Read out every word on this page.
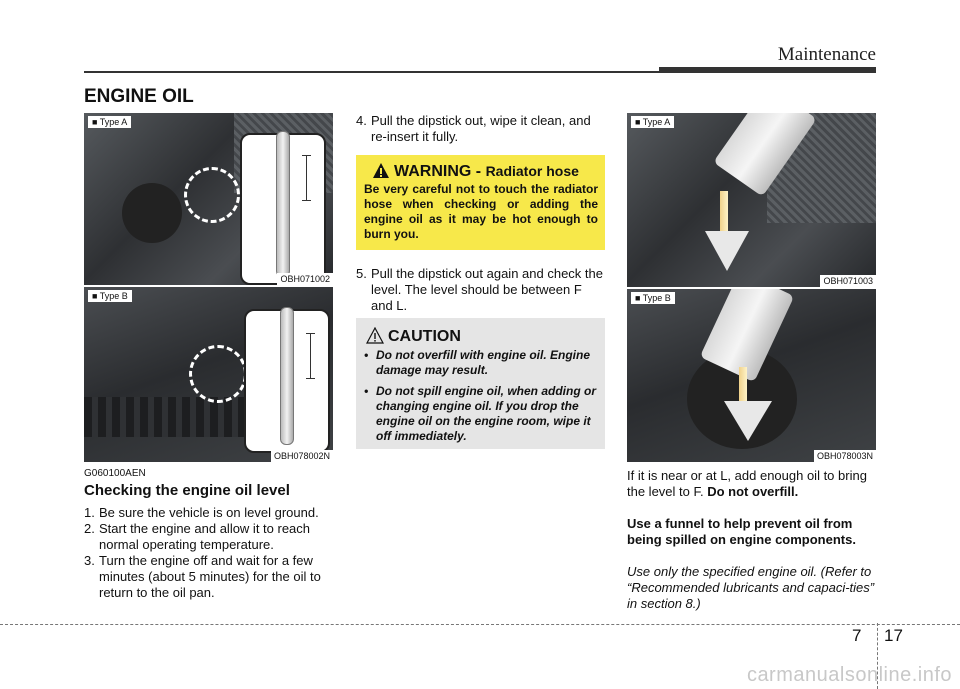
Maintenance
ENGINE OIL
■ Type A
OBH071002
■ Type B
OBH078002N
G060100AEN
Checking the engine oil level
1. Be sure the vehicle is on level ground.
2. Start the engine and allow it to reach normal operating temperature.
3. Turn the engine off and wait for a few minutes (about 5 minutes) for the oil to return to the oil pan.
4. Pull the dipstick out, wipe it clean, and re-insert it fully.
WARNING - Radiator hose
Be very careful not to touch the radiator hose when checking or adding the engine oil as it may be hot enough to burn you.
5. Pull the dipstick out again and check the level. The level should be between F and L.
CAUTION
• Do not overfill with engine oil. Engine damage may result.
• Do not spill engine oil, when adding or changing engine oil. If you drop the engine oil on the engine room, wipe it off immediately.
■ Type A
OBH071003
■ Type B
OBH078003N
If it is near or at L, add enough oil to bring the level to F. Do not overfill.
Use a funnel to help prevent oil from being spilled on engine components.
Use only the specified engine oil. (Refer to “Recommended lubricants and capaci-ties” in section 8.)
7 17
carmanualsonline.info
